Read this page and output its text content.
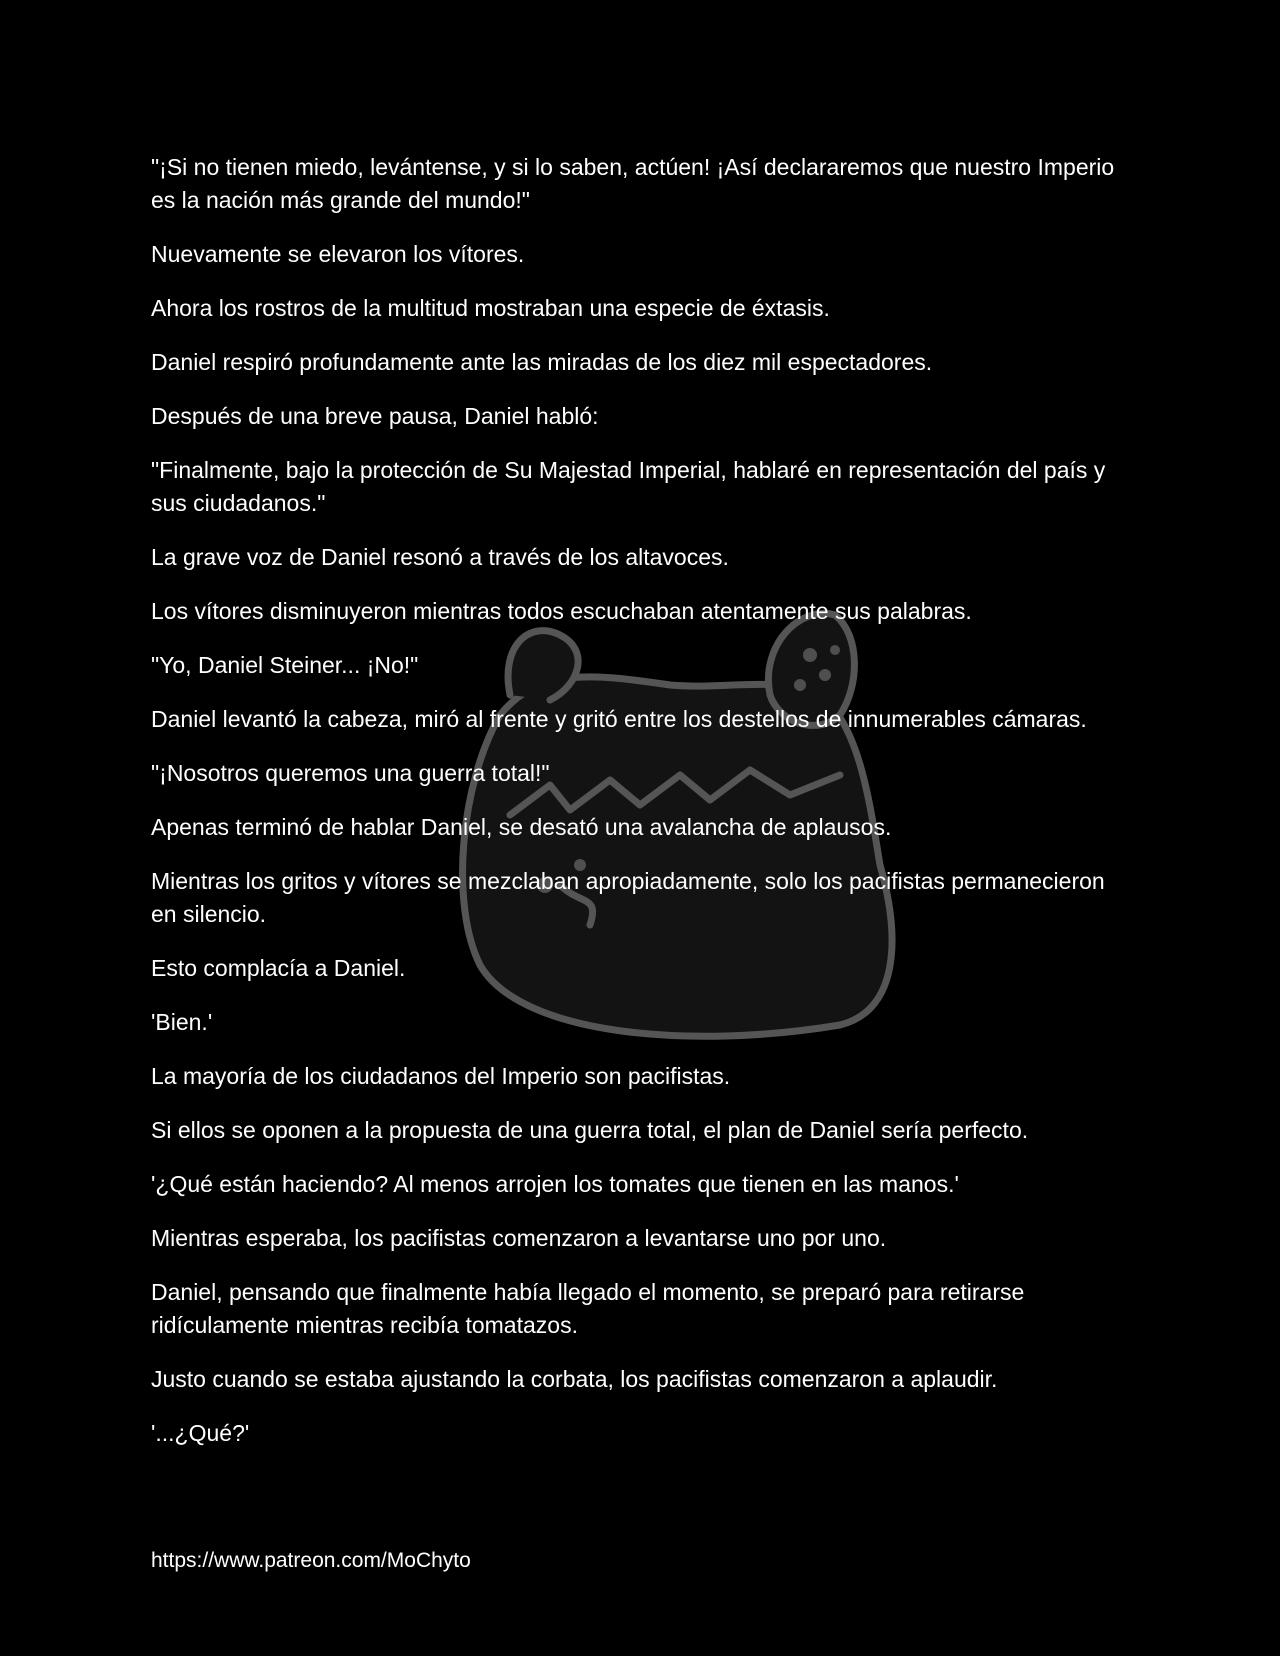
"¡Si no tienen miedo, levántense, y si lo saben, actúen! ¡Así declararemos que nuestro Imperio es la nación más grande del mundo!"

Nuevamente se elevaron los vítores.

Ahora los rostros de la multitud mostraban una especie de éxtasis.

Daniel respiró profundamente ante las miradas de los diez mil espectadores.

Después de una breve pausa, Daniel habló:

"Finalmente, bajo la protección de Su Majestad Imperial, hablaré en representación del país y sus ciudadanos."

La grave voz de Daniel resonó a través de los altavoces.

Los vítores disminuyeron mientras todos escuchaban atentamente sus palabras.

"Yo, Daniel Steiner... ¡No!"

Daniel levantó la cabeza, miró al frente y gritó entre los destellos de innumerables cámaras.

"¡Nosotros queremos una guerra total!"

Apenas terminó de hablar Daniel, se desató una avalancha de aplausos.

Mientras los gritos y vítores se mezclaban apropiadamente, solo los pacifistas permanecieron en silencio.

Esto complacía a Daniel.

'Bien.'

La mayoría de los ciudadanos del Imperio son pacifistas.

Si ellos se oponen a la propuesta de una guerra total, el plan de Daniel sería perfecto.

'¿Qué están haciendo? Al menos arrojen los tomates que tienen en las manos.'

Mientras esperaba, los pacifistas comenzaron a levantarse uno por uno.

Daniel, pensando que finalmente había llegado el momento, se preparó para retirarse ridículamente mientras recibía tomatazos.

Justo cuando se estaba ajustando la corbata, los pacifistas comenzaron a aplaudir.

'...¿Qué?'

https://www.patreon.com/MoChyto
